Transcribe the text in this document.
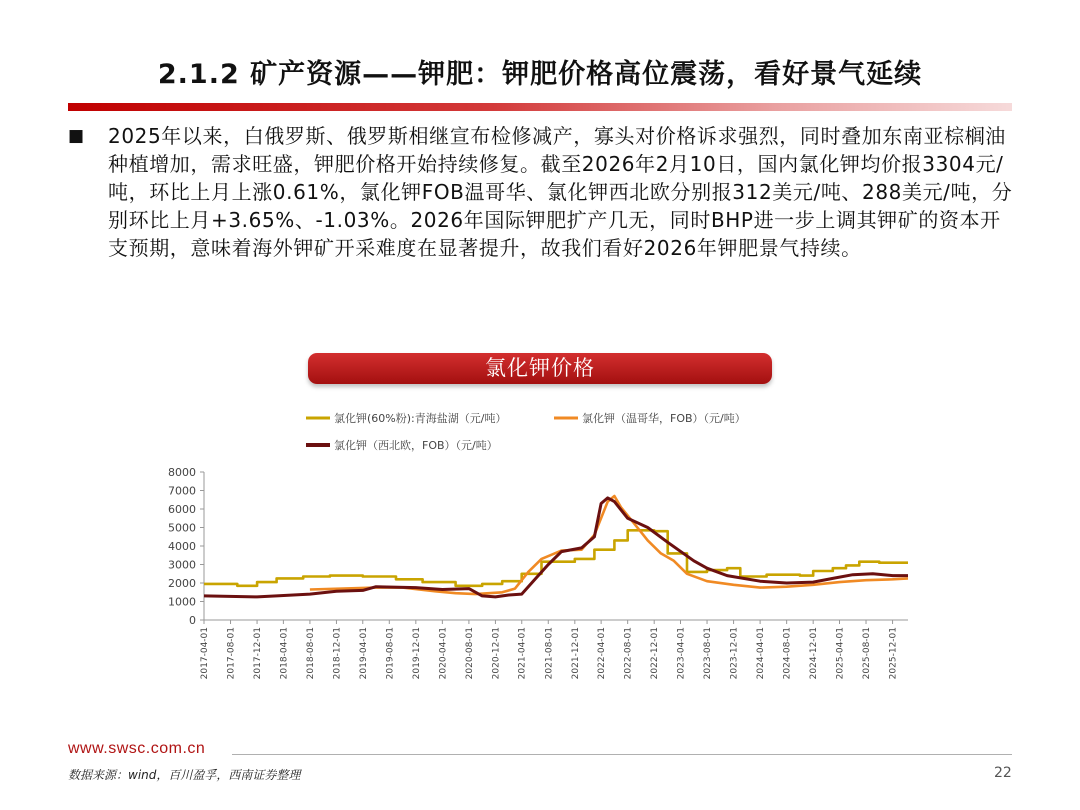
2.1.2 矿产资源——钾肥：钾肥价格高位震荡，看好景气延续
■	2025年以来，白俄罗斯、俄罗斯相继宣布检修减产，寡头对价格诉求强烈，同时叠加东南亚棕榈油种植增加，需求旺盛，钾肥价格开始持续修复。截至2026年2月10日，国内氯化钾均价报3304元/吨，环比上月上涨0.61%，氯化钾FOB温哥华、氯化钾西北欧分别报312美元/吨、288美元/吨，分别环比上月+3.65%、-1.03%。2026年国际钾肥扩产几无，同时BHP进一步上调其钾矿的资本开支预期，意味着海外钾矿开采难度在显著提升，故我们看好2026年钾肥景气持续。
氯化钾价格
氯化钾(60%粉):青海盐湖（元/吨）	氯化钾（温哥华，FOB）（元/吨）
氯化钾（西北欧，FOB）（元/吨）
0
1000
2000
3000
4000
5000
6000
7000
8000
2017-04-01 2017-08-01 2017-12-01 2018-04-01 2018-08-01 2018-12-01 2019-04-01 2019-08-01 2019-12-01 2020-04-01 2020-08-01 2020-12-01 2021-04-01 2021-08-01 2021-12-01 2022-04-01 2022-08-01 2022-12-01 2023-04-01 2023-08-01 2023-12-01 2024-04-01 2024-08-01 2024-12-01 2025-04-01 2025-08-01 2025-12-01
www.swsc.com.cn
数据来源：wind，百川盈孚，西南证券整理	22
